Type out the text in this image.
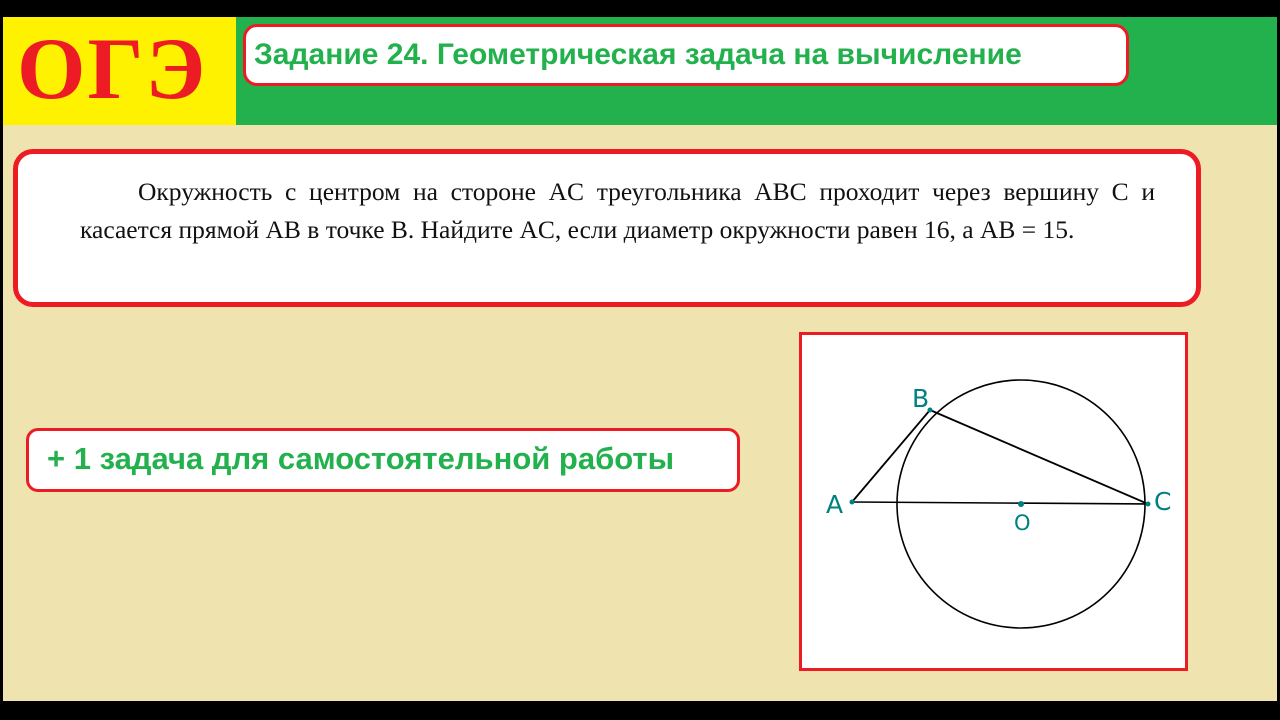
ОГЭ Задание 24. Геометрическая задача на вычисление

Окружность с центром на стороне AC треугольника ABC проходит через вершину C и касается прямой AB в точке B. Найдите AC, если диаметр окружности равен 16, а AB = 15.

+ 1 задача для самостоятельной работы
A
B
C
O
